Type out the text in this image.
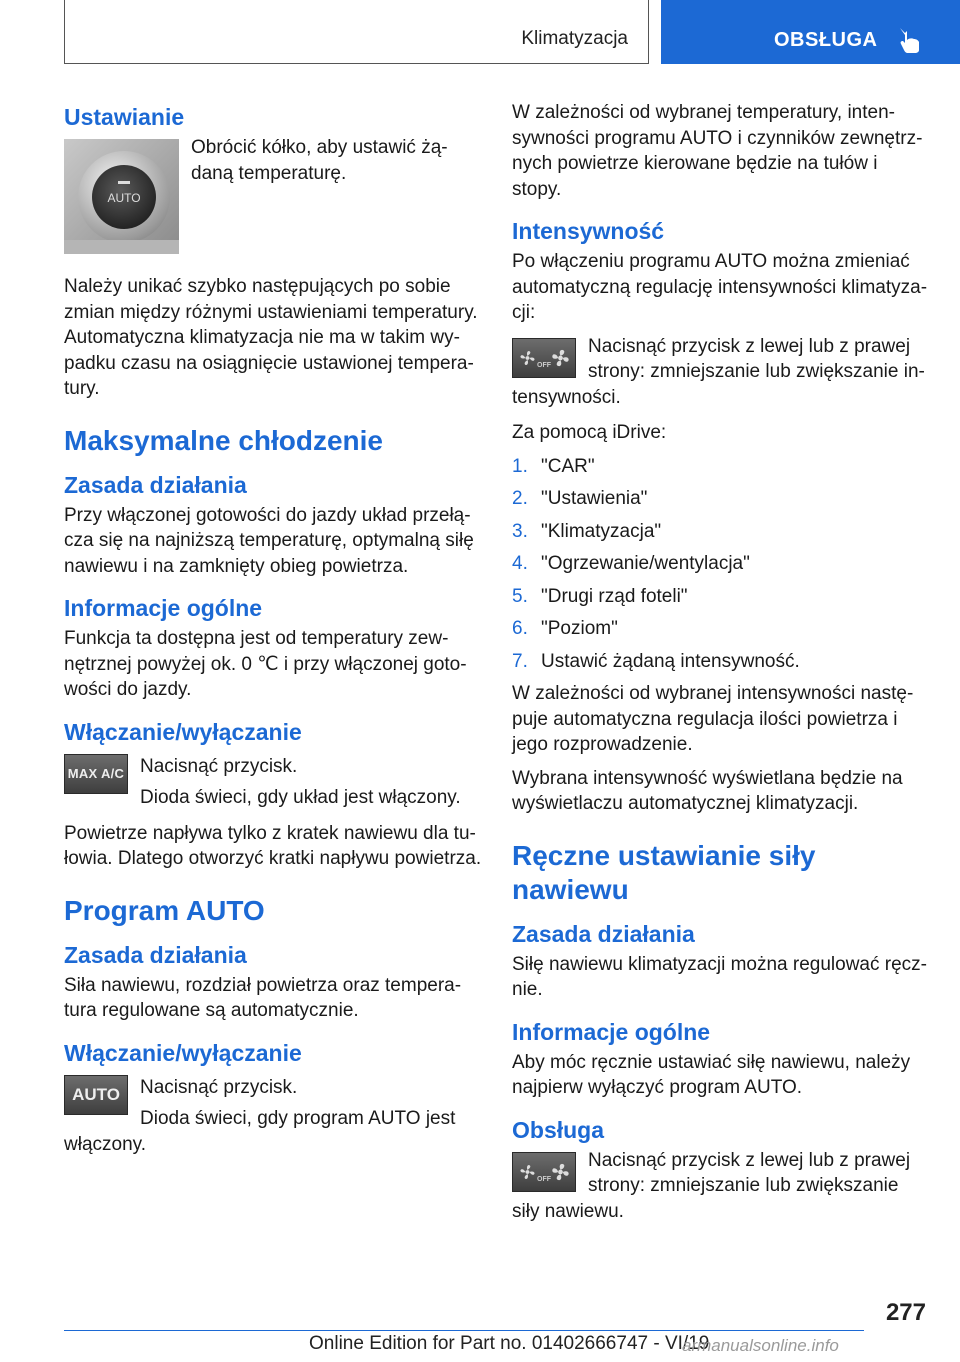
Klimatyzacja	OBSŁUGA
Ustawianie
AUTO
Obrócić kółko, aby ustawić żądaną temperaturę.
Należy unikać szybko następujących po sobie zmian między różnymi ustawieniami temperatury. Automatyczna klimatyzacja nie ma w takim wypadku czasu na osiągnięcie ustawionej temperatury.
Maksymalne chłodzenie
Zasada działania
Przy włączonej gotowości do jazdy układ przełącza się na najniższą temperaturę, optymalną siłę nawiewu i na zamknięty obieg powietrza.
Informacje ogólne
Funkcja ta dostępna jest od temperatury zewnętrznej powyżej ok. 0 ℃ i przy włączonej gotowości do jazdy.
Włączanie/wyłączanie
MAX A/C Nacisnąć przycisk.
Dioda świeci, gdy układ jest włączony.
Powietrze napływa tylko z kratek nawiewu dla tułowia. Dlatego otworzyć kratki napływu powietrza.
Program AUTO
Zasada działania
Siła nawiewu, rozdział powietrza oraz temperatura regulowane są automatycznie.
Włączanie/wyłączanie
AUTO	Nacisnąć przycisk.
Dioda świeci, gdy program AUTO jest włączony.
W zależności od wybranej temperatury, intensywności programu AUTO i czynników zewnętrznych powietrze kierowane będzie na tułów i stopy.
Intensywność
Po włączeniu programu AUTO można zmieniać automatyczną regulację intensywności klimatyzacji:
OFF
Nacisnąć przycisk z lewej lub z prawej strony: zmniejszanie lub zwiększanie intensywności.
Za pomocą iDrive:
1. "CAR"
2. "Ustawienia"
3. "Klimatyzacja"
4. "Ogrzewanie/wentylacja"
5. "Drugi rząd foteli"
6. "Poziom"
7. Ustawić żądaną intensywność.
W zależności od wybranej intensywności następuje automatyczna regulacja ilości powietrza i jego rozprowadzenie.
Wybrana intensywność wyświetlana będzie na wyświetlaczu automatycznej klimatyzacji.
Ręczne ustawianie siły nawiewu
Zasada działania
Siłę nawiewu klimatyzacji można regulować ręcznie.
Informacje ogólne
Aby móc ręcznie ustawiać siłę nawiewu, należy najpierw wyłączyć program AUTO.
Obsługa
OFF
Nacisnąć przycisk z lewej lub z prawej strony: zmniejszanie lub zwiększanie siły nawiewu.
277
Online Edition for Part no. 01402666747 - VI/19
armanualsonline.info
